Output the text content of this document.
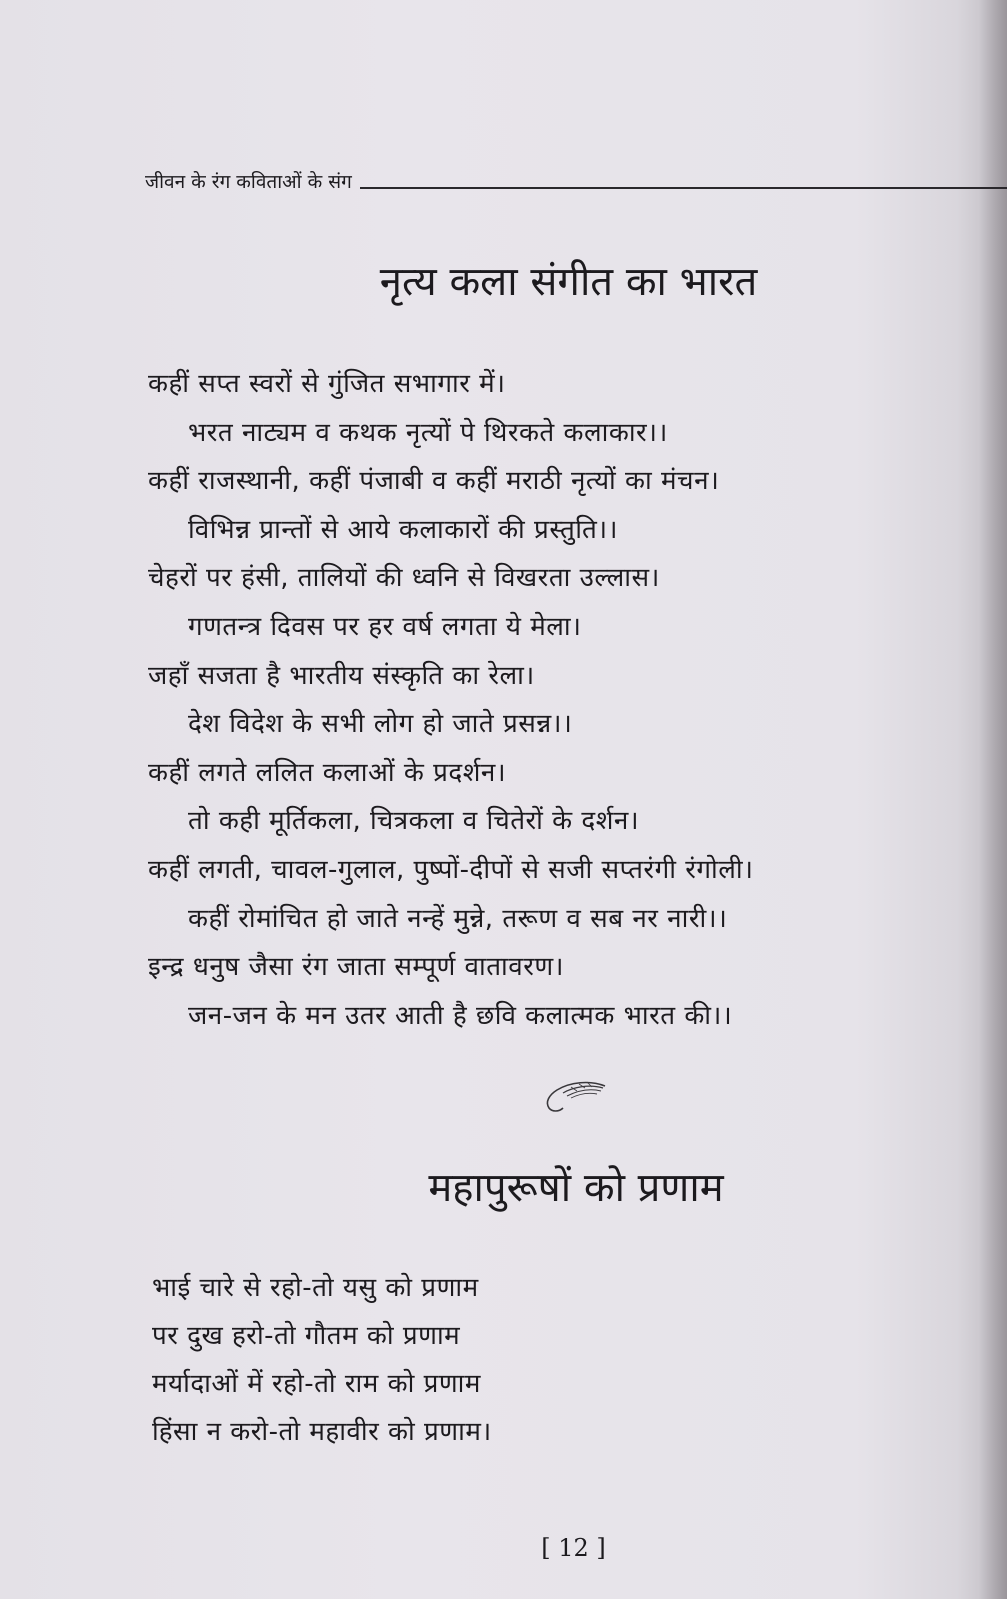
जीवन के रंग कविताओं के संग
नृत्य कला संगीत का भारत
कहीं सप्त स्वरों से गुंजित सभागार में।
भरत नाट्यम व कथक नृत्यों पे थिरकते कलाकार।।
कहीं राजस्थानी, कहीं पंजाबी व कहीं मराठी नृत्यों का मंचन।
विभिन्न प्रान्तों से आये कलाकारों की प्रस्तुति।।
चेहरों पर हंसी, तालियों की ध्वनि से विखरता उल्लास।
गणतन्त्र दिवस पर हर वर्ष लगता ये मेला।
जहाँ सजता है भारतीय संस्कृति का रेला।
देश विदेश के सभी लोग हो जाते प्रसन्न।।
कहीं लगते ललित कलाओं के प्रदर्शन।
तो कही मूर्तिकला, चित्रकला व चितेरों के दर्शन।
कहीं लगती, चावल-गुलाल, पुष्पों-दीपों से सजी सप्तरंगी रंगोली।
कहीं रोमांचित हो जाते नन्हें मुन्ने, तरूण व सब नर नारी।।
इन्द्र धनुष जैसा रंग जाता सम्पूर्ण वातावरण।
जन-जन के मन उतर आती है छवि कलात्मक भारत की।।
महापुरूषों को प्रणाम
भाई चारे से रहो-तो यसु को प्रणाम
पर दुख हरो-तो गौतम को प्रणाम
मर्यादाओं में रहो-तो राम को प्रणाम
हिंसा न करो-तो महावीर को प्रणाम।
[ 12 ]
